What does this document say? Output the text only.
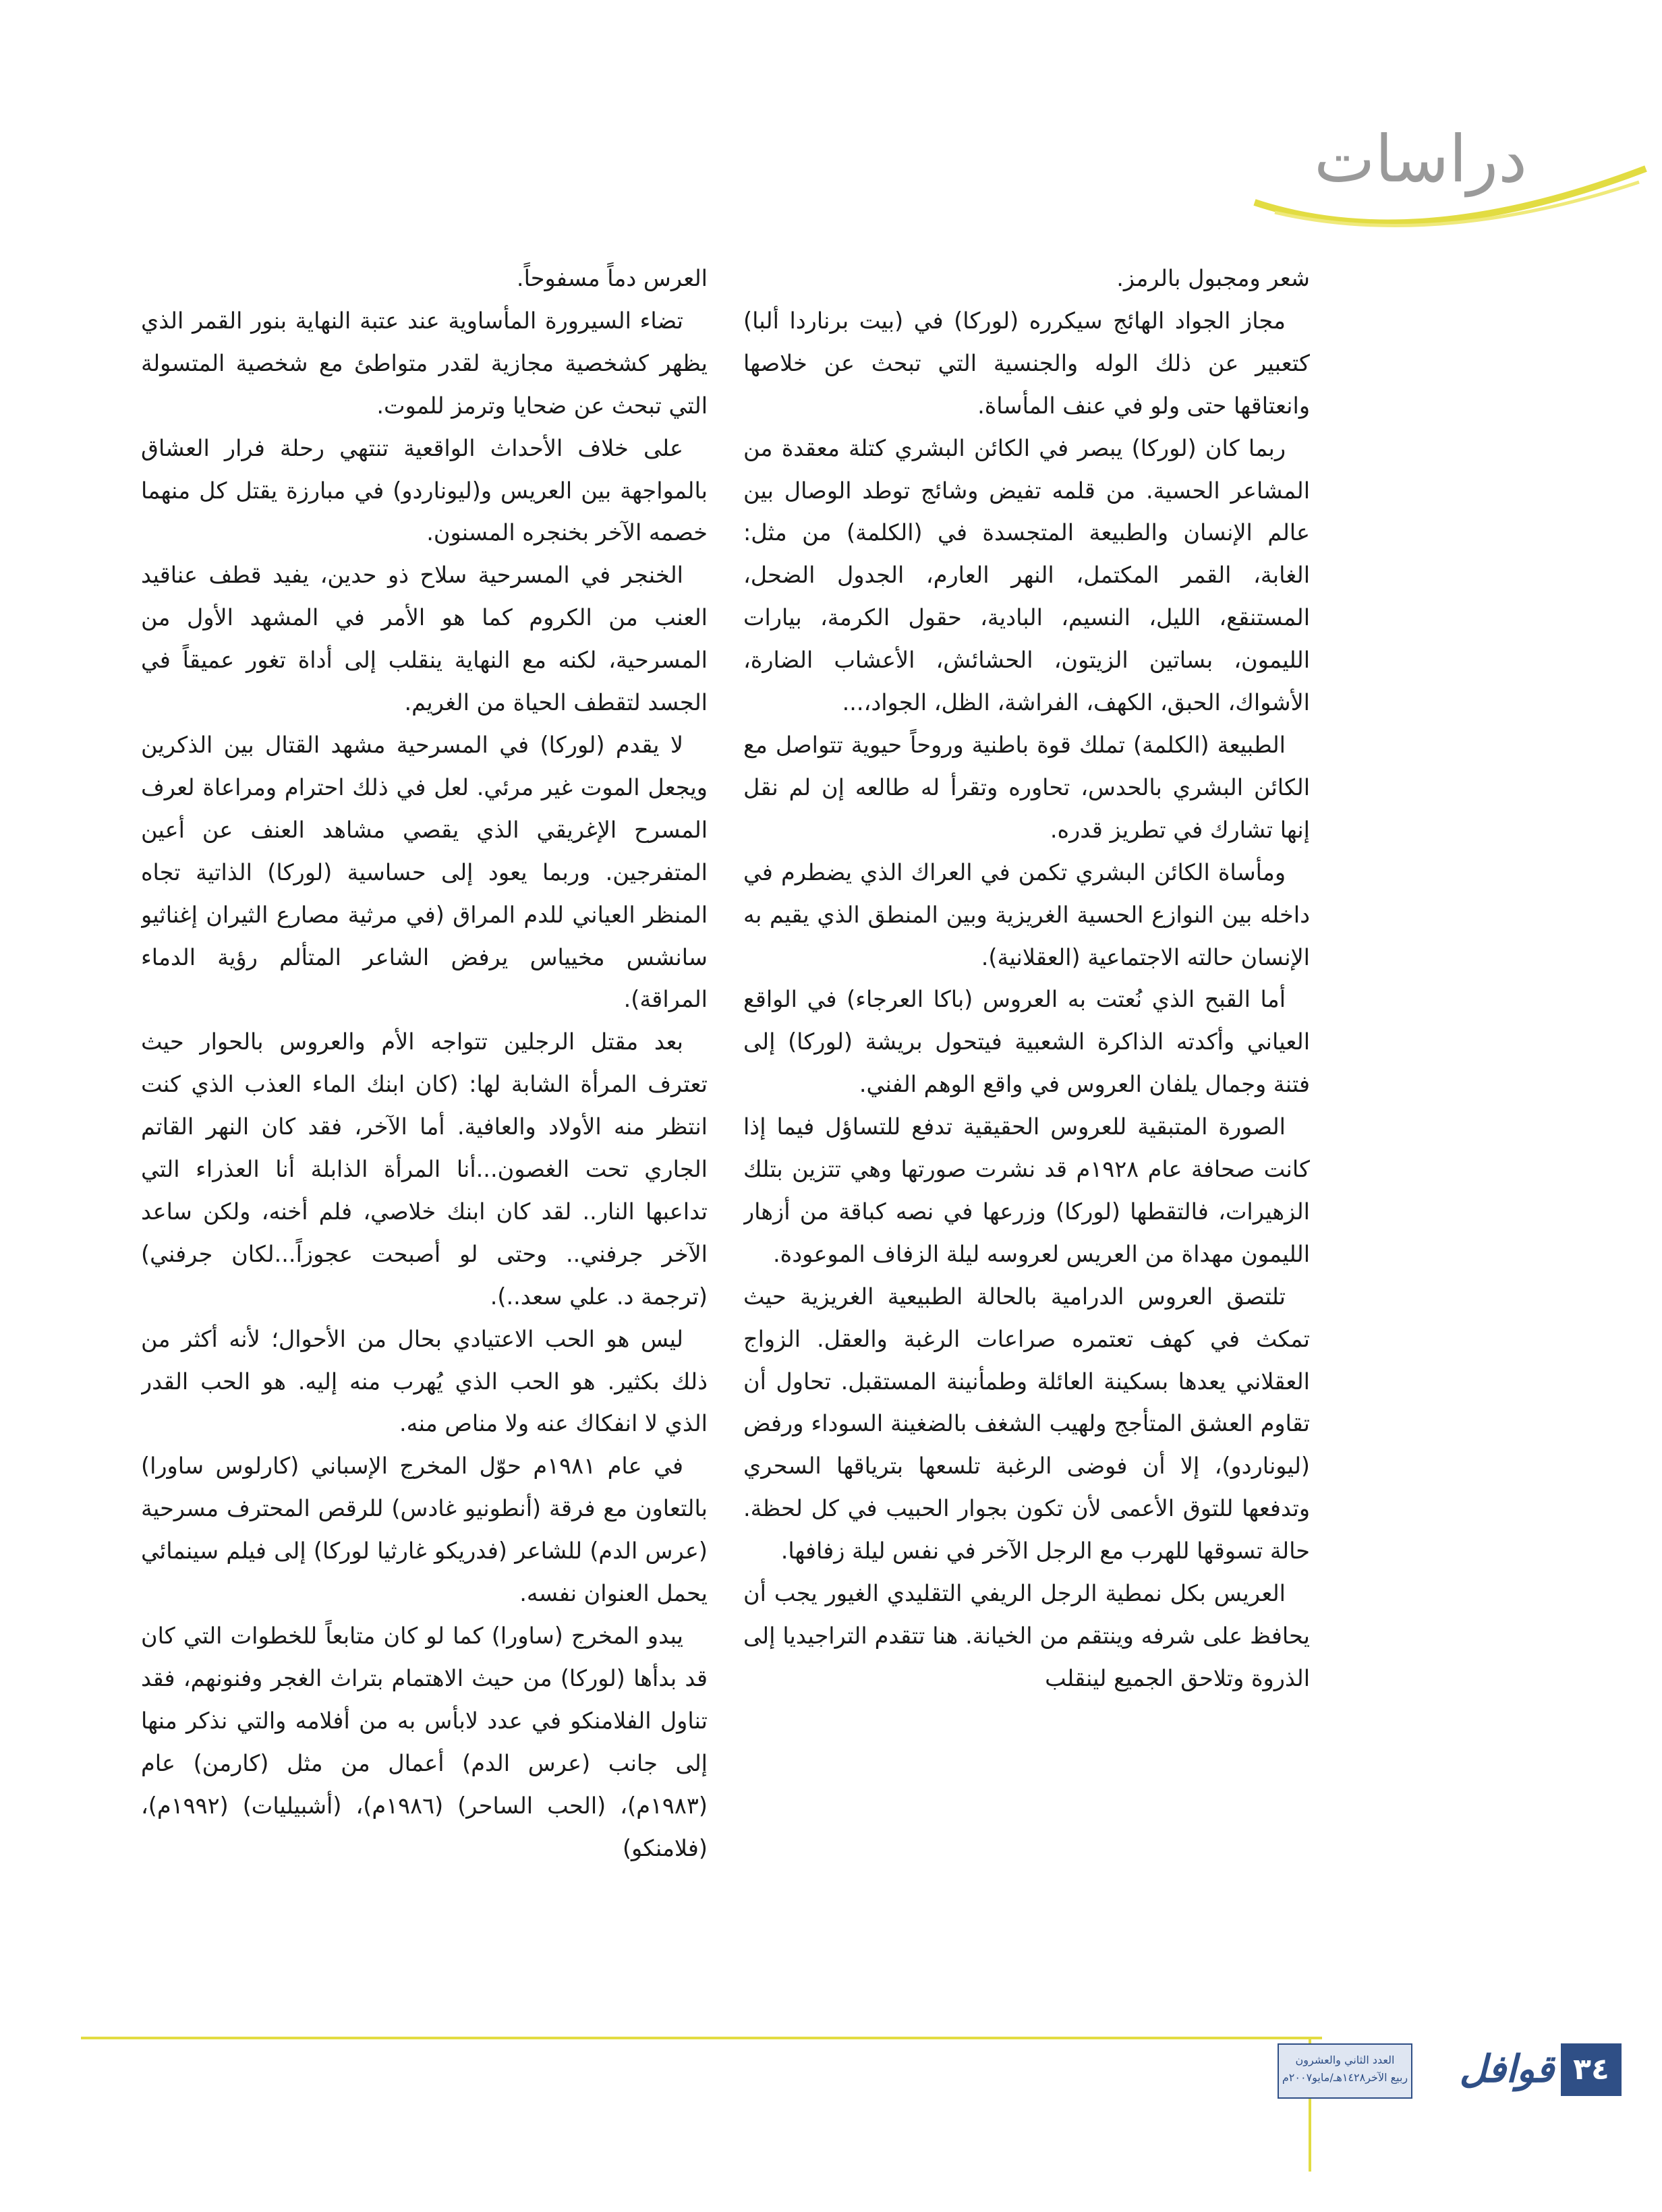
دراسات

شعر ومجبول بالرمز.

مجاز الجواد الهائج سيكرره (لوركا) في (بيت برناردا ألبا) كتعبير عن ذلك الوله والجنسية التي تبحث عن خلاصها وانعتاقها حتى ولو في عنف المأساة.

ربما كان (لوركا) يبصر في الكائن البشري كتلة معقدة من المشاعر الحسية. من قلمه تفيض وشائج توطد الوصال بين عالم الإنسان والطبيعة المتجسدة في (الكلمة) من مثل: الغابة، القمر المكتمل، النهر العارم، الجدول الضحل، المستنقع، الليل، النسيم، البادية، حقول الكرمة، بيارات الليمون، بساتين الزيتون، الحشائش، الأعشاب الضارة، الأشواك، الحبق، الكهف، الفراشة، الظل، الجواد،...

الطبيعة (الكلمة) تملك قوة باطنية وروحاً حيوية تتواصل مع الكائن البشري بالحدس، تحاوره وتقرأ له طالعه إن لم نقل إنها تشارك في تطريز قدره.

ومأساة الكائن البشري تكمن في العراك الذي يضطرم في داخله بين النوازع الحسية الغريزية وبين المنطق الذي يقيم به الإنسان حالته الاجتماعية (العقلانية).

أما القبح الذي نُعتت به العروس (باكا العرجاء) في الواقع العياني وأكدته الذاكرة الشعبية فيتحول بريشة (لوركا) إلى فتنة وجمال يلفان العروس في واقع الوهم الفني.

الصورة المتبقية للعروس الحقيقية تدفع للتساؤل فيما إذا كانت صحافة عام ١٩٢٨م قد نشرت صورتها وهي تتزين بتلك الزهيرات، فالتقطها (لوركا) وزرعها في نصه كباقة من أزهار الليمون مهداة من العريس لعروسه ليلة الزفاف الموعودة.

تلتصق العروس الدرامية بالحالة الطبيعية الغريزية حيث تمكث في كهف تعتمره صراعات الرغبة والعقل. الزواج العقلاني يعدها بسكينة العائلة وطمأنينة المستقبل. تحاول أن تقاوم العشق المتأجج ولهيب الشغف بالضغينة السوداء ورفض (ليوناردو)، إلا أن فوضى الرغبة تلسعها بترياقها السحري وتدفعها للتوق الأعمى لأن تكون بجوار الحبيب في كل لحظة. حالة تسوقها للهرب مع الرجل الآخر في نفس ليلة زفافها.

العريس بكل نمطية الرجل الريفي التقليدي الغيور يجب أن يحافظ على شرفه وينتقم من الخيانة. هنا تتقدم التراجيديا إلى الذروة وتلاحق الجميع لينقلب

العرس دماً مسفوحاً.

تضاء السيرورة المأساوية عند عتبة النهاية بنور القمر الذي يظهر كشخصية مجازية لقدر متواطئ مع شخصية المتسولة التي تبحث عن ضحايا وترمز للموت.

على خلاف الأحداث الواقعية تنتهي رحلة فرار العشاق بالمواجهة بين العريس و(ليوناردو) في مبارزة يقتل كل منهما خصمه الآخر بخنجره المسنون.

الخنجر في المسرحية سلاح ذو حدين، يفيد قطف عناقيد العنب من الكروم كما هو الأمر في المشهد الأول من المسرحية، لكنه مع النهاية ينقلب إلى أداة تغور عميقاً في الجسد لتقطف الحياة من الغريم.

لا يقدم (لوركا) في المسرحية مشهد القتال بين الذكرين ويجعل الموت غير مرئي. لعل في ذلك احترام ومراعاة لعرف المسرح الإغريقي الذي يقصي مشاهد العنف عن أعين المتفرجين. وربما يعود إلى حساسية (لوركا) الذاتية تجاه المنظر العياني للدم المراق (في مرثية مصارع الثيران إغناثيو سانشس مخيياس يرفض الشاعر المتألم رؤية الدماء المراقة).

بعد مقتل الرجلين تتواجه الأم والعروس بالحوار حيث تعترف المرأة الشابة لها: (كان ابنك الماء العذب الذي كنت انتظر منه الأولاد والعافية. أما الآخر، فقد كان النهر القاتم الجاري تحت الغصون...أنا المرأة الذابلة أنا العذراء التي تداعبها النار.. لقد كان ابنك خلاصي، فلم أخنه، ولكن ساعد الآخر جرفني.. وحتى لو أصبحت عجوزاً...لكان جرفني) (ترجمة د. علي سعد..).

ليس هو الحب الاعتيادي بحال من الأحوال؛ لأنه أكثر من ذلك بكثير. هو الحب الذي يُهرب منه إليه. هو الحب القدر الذي لا انفكاك عنه ولا مناص منه.

في عام ١٩٨١م حوّل المخرج الإسباني (كارلوس ساورا) بالتعاون مع فرقة (أنطونيو غادس) للرقص المحترف مسرحية (عرس الدم) للشاعر (فدريكو غارثيا لوركا) إلى فيلم سينمائي يحمل العنوان نفسه.

يبدو المخرج (ساورا) كما لو كان متابعاً للخطوات التي كان قد بدأها (لوركا) من حيث الاهتمام بتراث الغجر وفنونهم، فقد تناول الفلامنكو في عدد لابأس به من أفلامه والتي نذكر منها إلى جانب (عرس الدم) أعمال من مثل (كارمن) عام (١٩٨٣م)، (الحب الساحر) (١٩٨٦م)، (أشبيليات) (١٩٩٢م)، (فلامنكو)

٣٤
قوافل
العدد الثاني والعشرون
ربيع الآخر١٤٢٨هـ/مايو٢٠٠٧م
